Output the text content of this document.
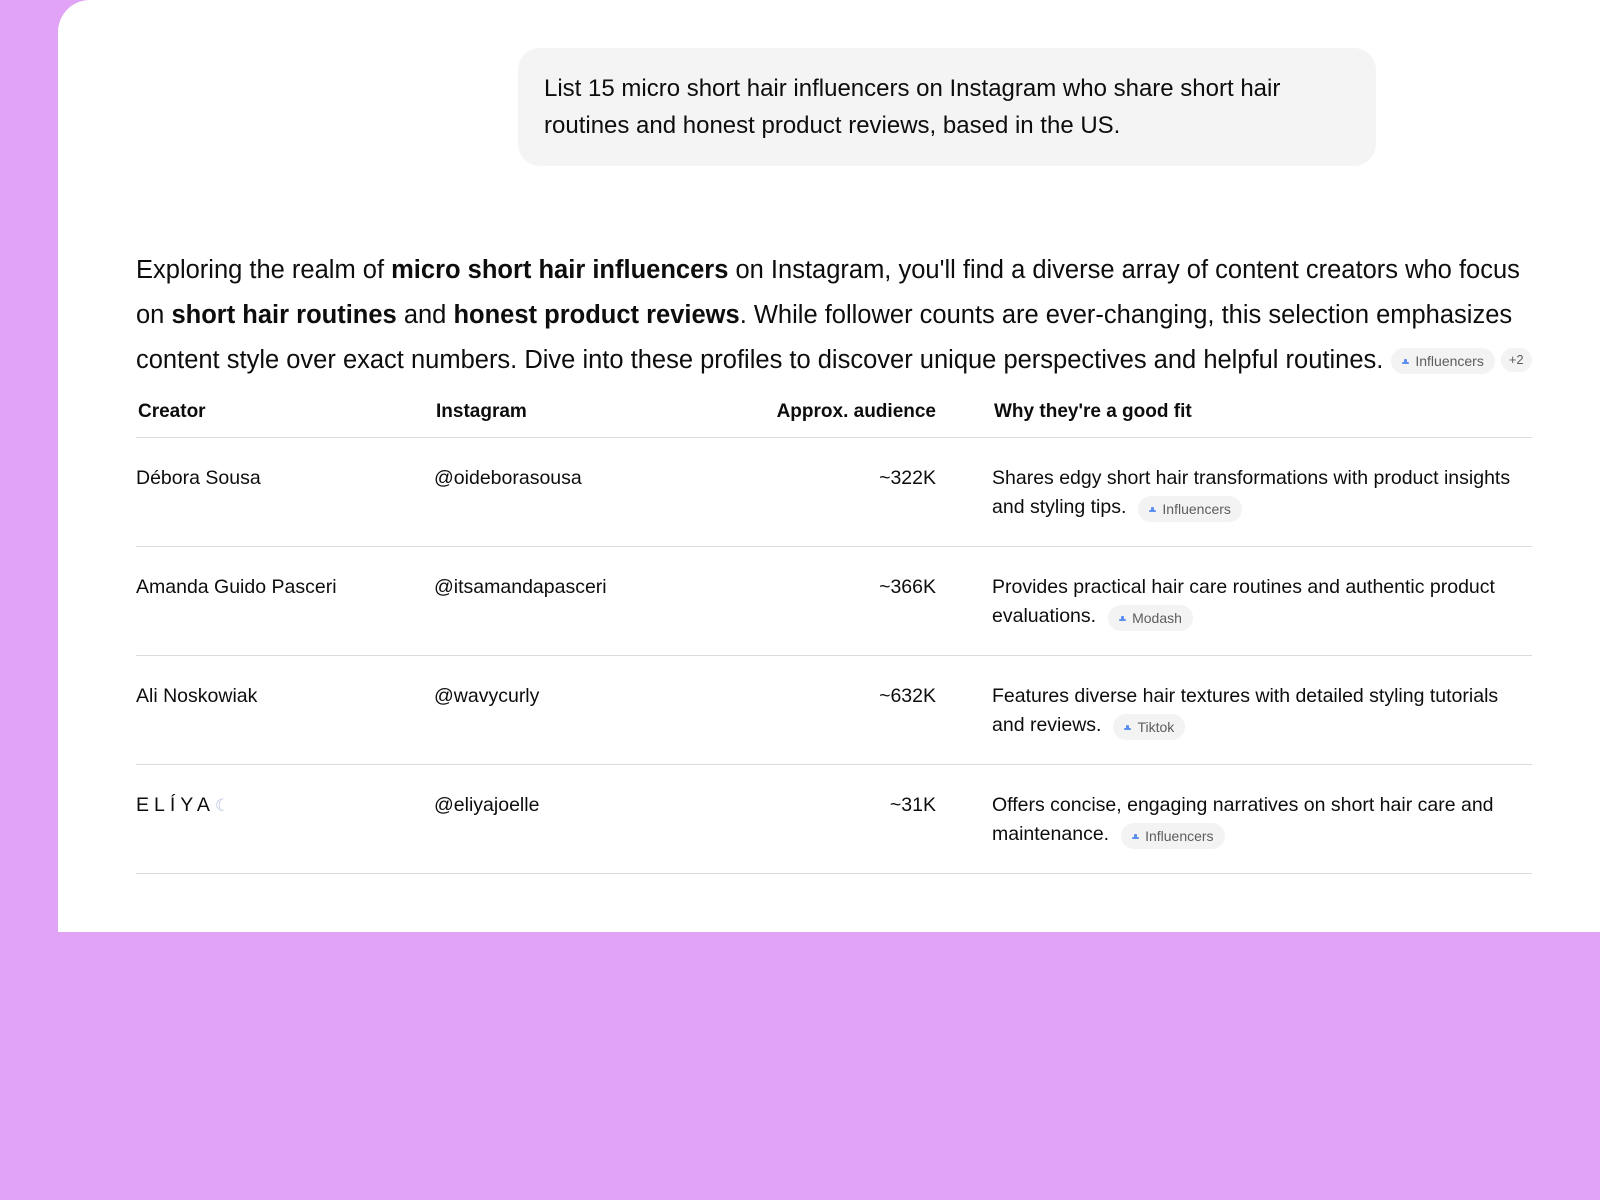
List 15 micro short hair influencers on Instagram who share short hair routines and honest product reviews, based in the US.

Exploring the realm of micro short hair influencers on Instagram, you'll find a diverse array of content creators who focus on short hair routines and honest product reviews. While follower counts are ever-changing, this selection emphasizes content style over exact numbers. Dive into these profiles to discover unique perspectives and helpful routines. Influencers +2

Creator	Instagram	Approx. audience	Why they're a good fit
Débora Sousa	@oideborasousa	~322K	Shares edgy short hair transformations with product insights and styling tips. Influencers

Amanda Guido Pasceri	@itsamandapasceri	~366K	Provides practical hair care routines and authentic product evaluations. Modash

Ali Noskowiak	@wavycurly	~632K	Features diverse hair textures with detailed styling tutorials and reviews. Tiktok

ELÍYA☾	@eliyajoelle	~31K	Offers concise, engaging narratives on short hair care and maintenance. Influencers
